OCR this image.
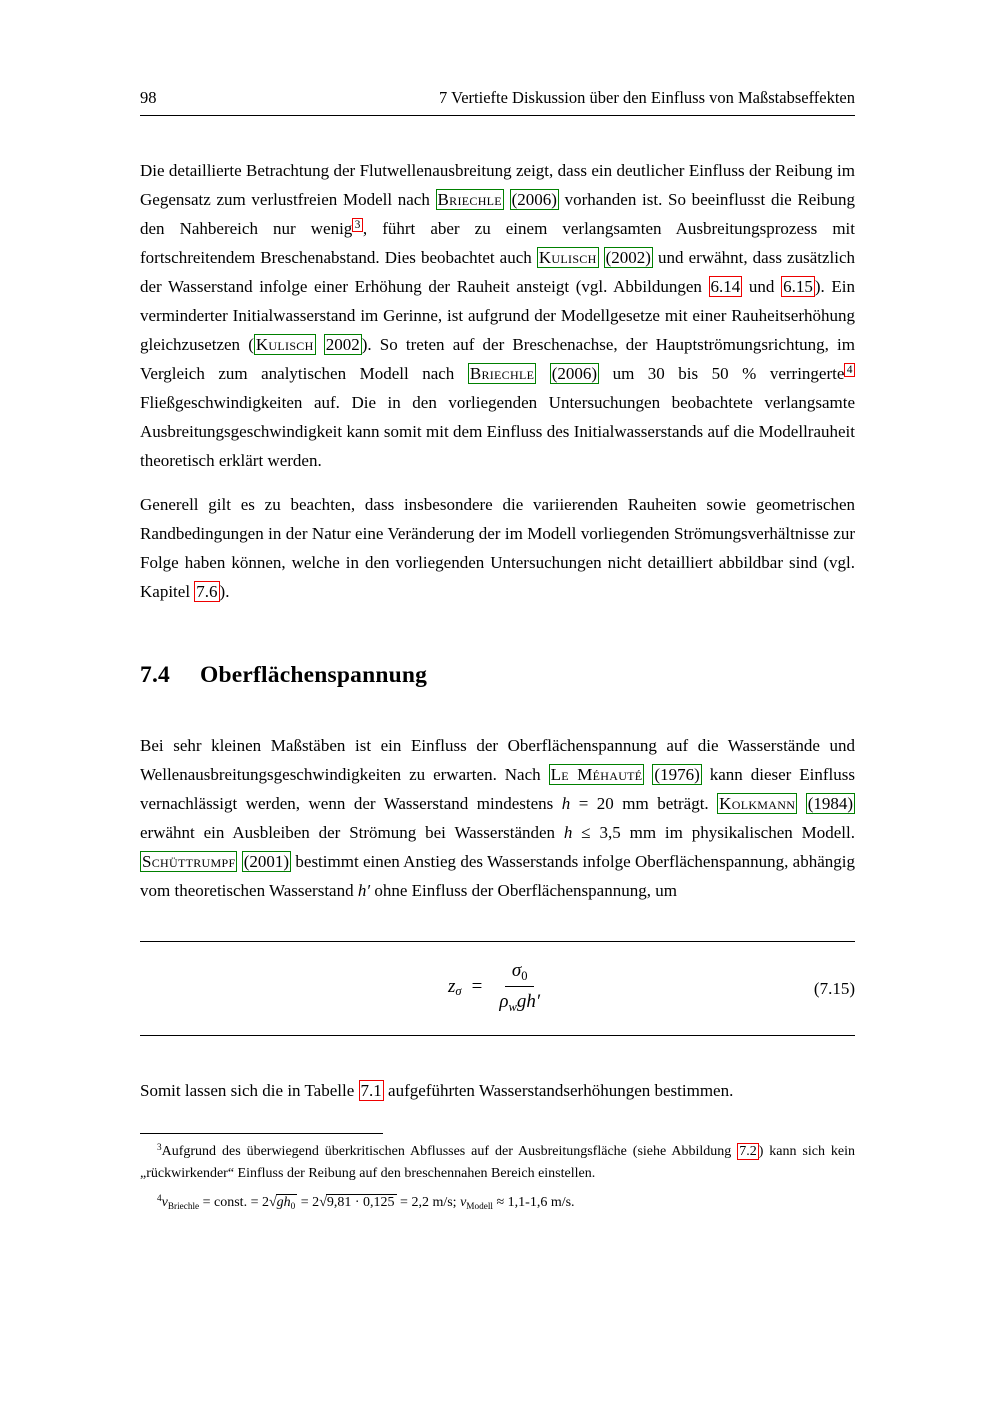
98	7 Vertiefte Diskussion über den Einfluss von Maßstabseffekten

Die detaillierte Betrachtung der Flutwellenausbreitung zeigt, dass ein deutlicher Einfluss der Reibung im Gegensatz zum verlustfreien Modell nach Briechle (2006) vorhanden ist. So beeinflusst die Reibung den Nahbereich nur wenig $^3$ , führt aber zu einem verlangsamten Ausbreitungsprozess mit fortschreitendem Breschenabstand. Dies beobachtet auch Kulisch (2002) und erwähnt, dass zusätzlich der Wasserstand infolge einer Erhöhung der Rauheit ansteigt (vgl. Abbildungen 6.14 und 6.15 ). Ein verminderter Initialwasserstand im Gerinne, ist aufgrund der Modellgesetze mit einer Rauheitserhöhung gleichzusetzen ( Kulisch 2002 ). So treten auf der Breschenachse, der Hauptströmungsrichtung, im Vergleich zum analytischen Modell nach Briechle (2006) um 30 bis 50 % verringerte $^4$ Fließgeschwindigkeiten auf. Die in den vorliegenden Untersuchungen beobachtete verlangsamte Ausbreitungsgeschwindigkeit kann somit mit dem Einfluss des Initialwasserstands auf die Modellrauheit theoretisch erklärt werden.

Generell gilt es zu beachten, dass insbesondere die variierenden Rauheiten sowie geometrischen Randbedingungen in der Natur eine Veränderung der im Modell vorliegenden Strömungsverhältnisse zur Folge haben können, welche in den vorliegenden Untersuchungen nicht detailliert abbildbar sind (vgl. Kapitel 7.6 ).

7.4 Oberflächenspannung

Bei sehr kleinen Maßstäben ist ein Einfluss der Oberflächenspannung auf die Wasserstände und Wellenausbreitungsgeschwindigkeiten zu erwarten. Nach Le Méhauté (1976) kann dieser Einfluss vernachlässigt werden, wenn der Wasserstand mindestens h = 20 mm beträgt. Kolkmann (1984) erwähnt ein Ausbleiben der Strömung bei Wasserständen h ≤ 3,5 mm im physikalischen Modell. Schüttrumpf (2001) bestimmt einen Anstieg des Wasserstands infolge Oberflächenspannung, abhängig vom theoretischen Wasserstand h′ ohne Einfluss der Oberflächenspannung, um

$z_\sigma = \frac{\sigma_0}{\rho_wgh'}$	(7.15)

Somit lassen sich die in Tabelle 7.1 aufgeführten Wasserstandserhöhungen bestimmen.

$^3$Aufgrund des überwiegend überkritischen Abflusses auf der Ausbreitungsfläche (siehe Abbildung 7.2 ) kann sich kein „rückwirkender“ Einfluss der Reibung auf den breschennahen Bereich einstellen.

$^4v_{Briechle}$ = const. = $2√gh_0 = 2√9,81 \cdot 0,125 = 2,2$ m/s; $v_{Modell} \approx 1,1-1,6$ m/s.
